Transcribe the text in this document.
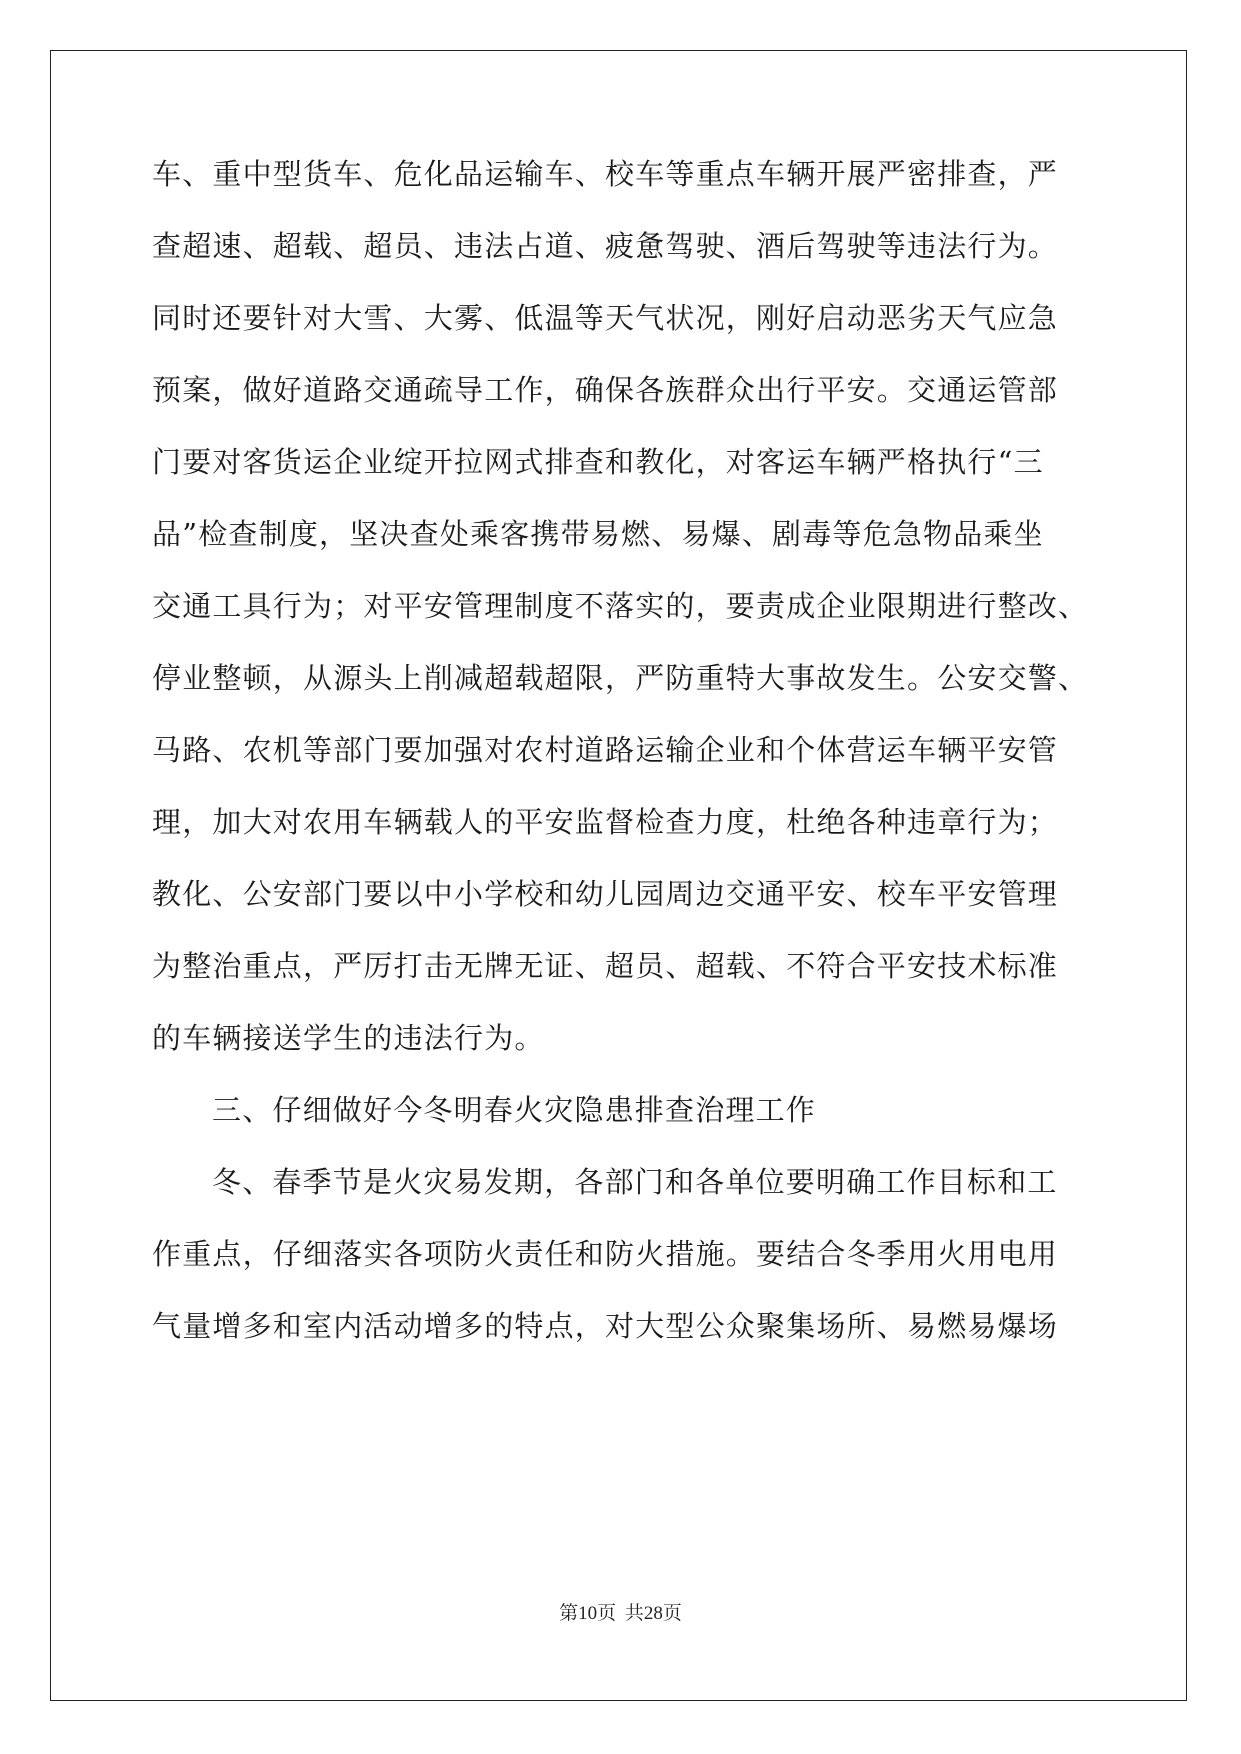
车、重中型货车、危化品运输车、校车等重点车辆开展严密排查，严
查超速、超载、超员、违法占道、疲惫驾驶、酒后驾驶等违法行为。
同时还要针对大雪、大雾、低温等天气状况，刚好启动恶劣天气应急
预案，做好道路交通疏导工作，确保各族群众出行平安。交通运管部
门要对客货运企业绽开拉网式排查和教化，对客运车辆严格执行“三
品”检查制度，坚决查处乘客携带易燃、易爆、剧毒等危急物品乘坐
交通工具行为；对平安管理制度不落实的，要责成企业限期进行整改、
停业整顿，从源头上削减超载超限，严防重特大事故发生。公安交警、
马路、农机等部门要加强对农村道路运输企业和个体营运车辆平安管
理，加大对农用车辆载人的平安监督检查力度，杜绝各种违章行为；
教化、公安部门要以中小学校和幼儿园周边交通平安、校车平安管理
为整治重点，严厉打击无牌无证、超员、超载、不符合平安技术标准
的车辆接送学生的违法行为。
三、仔细做好今冬明春火灾隐患排查治理工作
冬、春季节是火灾易发期，各部门和各单位要明确工作目标和工
作重点，仔细落实各项防火责任和防火措施。要结合冬季用火用电用
气量增多和室内活动增多的特点，对大型公众聚集场所、易燃易爆场
第10页 共28页
